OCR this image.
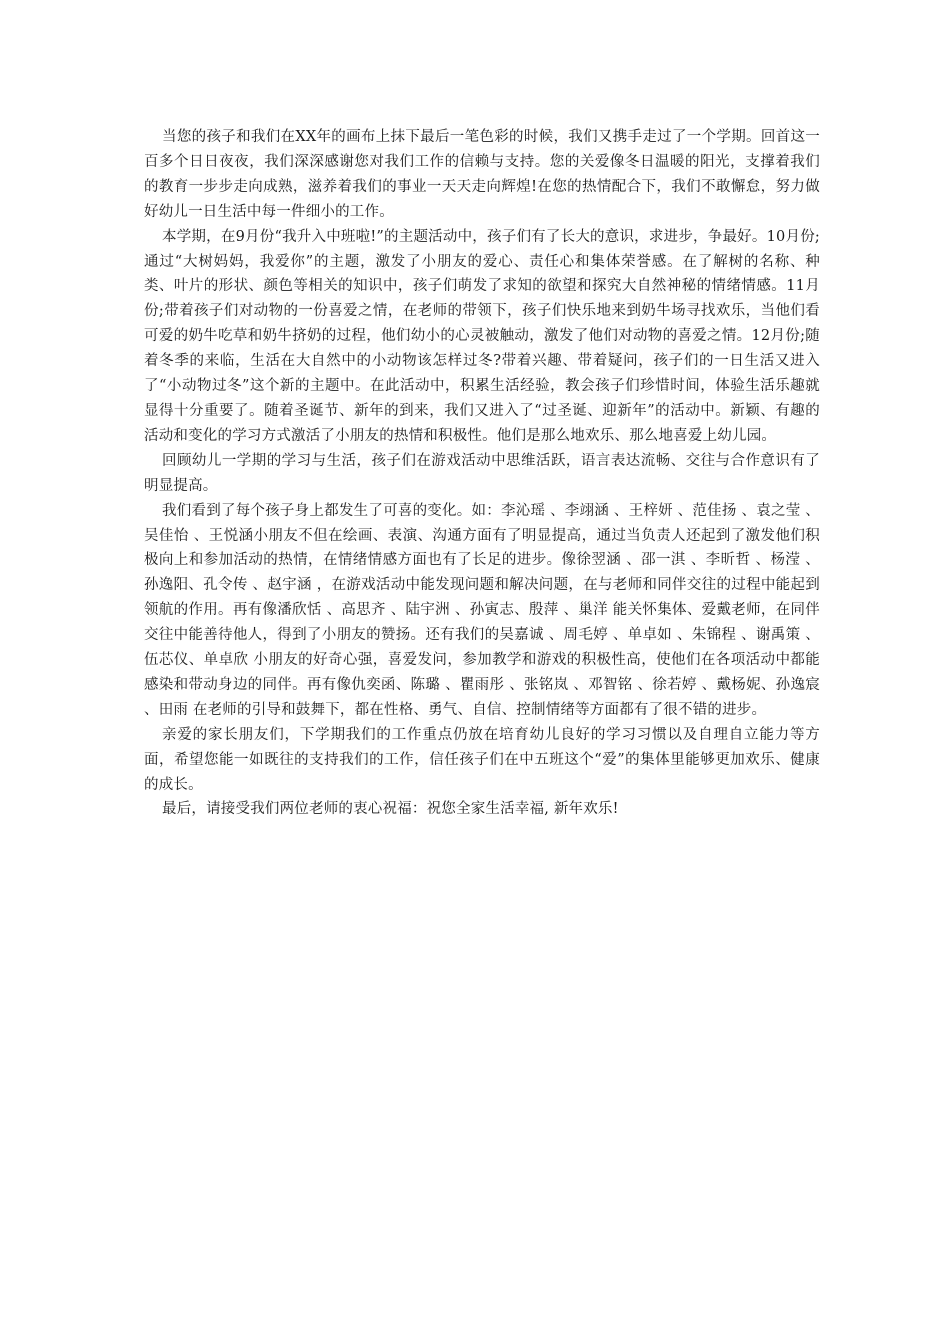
当您的孩子和我们在XX年的画布上抹下最后一笔色彩的时候，我们又携手走过了一个学期。回首这一百多个日日夜夜，我们深深感谢您对我们工作的信赖与支持。您的关爱像冬日温暖的阳光，支撑着我们的教育一步步走向成熟，滋养着我们的事业一天天走向辉煌!在您的热情配合下，我们不敢懈怠，努力做好幼儿一日生活中每一件细小的工作。

本学期，在9月份“我升入中班啦!”的主题活动中，孩子们有了长大的意识，求进步，争最好。10月份;通过“大树妈妈，我爱你”的主题，激发了小朋友的爱心、责任心和集体荣誉感。在了解树的名称、种类、叶片的形状、颜色等相关的知识中，孩子们萌发了求知的欲望和探究大自然神秘的情绪情感。11月份;带着孩子们对动物的一份喜爱之情，在老师的带领下，孩子们快乐地来到奶牛场寻找欢乐，当他们看可爱的奶牛吃草和奶牛挤奶的过程，他们幼小的心灵被触动，激发了他们对动物的喜爱之情。12月份;随着冬季的来临，生活在大自然中的小动物该怎样过冬?带着兴趣、带着疑问，孩子们的一日生活又进入了“小动物过冬”这个新的主题中。在此活动中，积累生活经验，教会孩子们珍惜时间，体验生活乐趣就显得十分重要了。随着圣诞节、新年的到来，我们又进入了“过圣诞、迎新年”的活动中。新颖、有趣的活动和变化的学习方式激活了小朋友的热情和积极性。他们是那么地欢乐、那么地喜爱上幼儿园。

回顾幼儿一学期的学习与生活，孩子们在游戏活动中思维活跃，语言表达流畅、交往与合作意识有了明显提高。

我们看到了每个孩子身上都发生了可喜的变化。如：李沁瑶 、李翊涵 、王梓妍 、范佳扬 、袁之莹 、吴佳怡 、王悦涵小朋友不但在绘画、表演、沟通方面有了明显提高，通过当负责人还起到了激发他们积极向上和参加活动的热情，在情绪情感方面也有了长足的进步。像徐翌涵 、邵一淇 、李昕哲 、杨滢 、孙逸阳、孔令传 、赵宇涵 ，在游戏活动中能发现问题和解决问题，在与老师和同伴交往的过程中能起到领航的作用。再有像潘欣恬 、高思齐 、陆宇洲 、孙寅志、殷萍 、巢洋 能关怀集体、爱戴老师，在同伴交往中能善待他人，得到了小朋友的赞扬。还有我们的吴嘉诚 、周毛婷 、单卓如 、朱锦程 、谢禹策 、伍芯仪、单卓欣 小朋友的好奇心强，喜爱发问，参加教学和游戏的积极性高，使他们在各项活动中都能感染和带动身边的同伴。再有像仇奕函、陈璐 、瞿雨彤 、张铭岚 、邓智铭 、徐若婷 、戴杨妮、孙逸宸 、田雨 在老师的引导和鼓舞下，都在性格、勇气、自信、控制情绪等方面都有了很不错的进步。

亲爱的家长朋友们，下学期我们的工作重点仍放在培育幼儿良好的学习习惯以及自理自立能力等方面，希望您能一如既往的支持我们的工作，信任孩子们在中五班这个“爱”的集体里能够更加欢乐、健康的成长。

最后，请接受我们两位老师的衷心祝福：祝您全家生活幸福, 新年欢乐!
